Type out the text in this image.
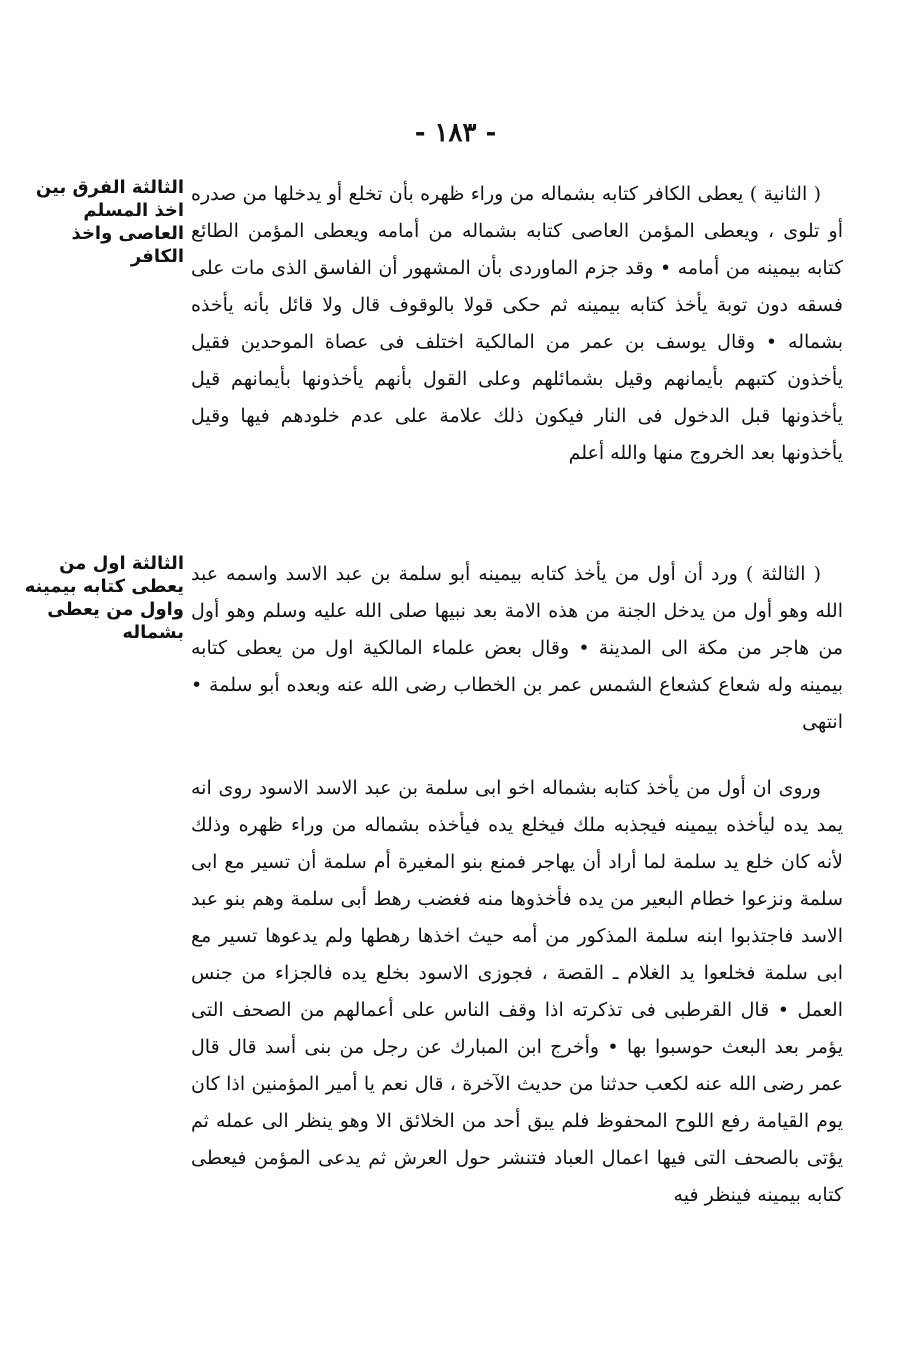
- ١٨٣ -
الثالثة الفرق بين اخذ المسلم العاصى واخذ الكافر

( الثانية ) يعطى الكافر كتابه بشماله من وراء ظهره بأن تخلع أو يدخلها من صدره أو تلوى ، ويعطى المؤمن العاصى كتابه بشماله من أمامه ويعطى المؤمن الطائع كتابه بيمينه من أمامه • وقد جزم الماوردى بأن المشهور أن الفاسق الذى مات على فسقه دون توبة يأخذ كتابه بيمينه ثم حكى قولا بالوقوف قال ولا قائل بأنه يأخذه بشماله • وقال يوسف بن عمر من المالكية اختلف فى عصاة الموحدين فقيل يأخذون كتبهم بأيمانهم وقيل بشمائلهم وعلى القول بأنهم يأخذونها بأيمانهم قيل يأخذونها قبل الدخول فى النار فيكون ذلك علامة على عدم خلودهم فيها وقيل يأخذونها بعد الخروج منها والله أعلم

الثالثة اول من يعطى كتابه بيمينه واول من يعطى بشماله

( الثالثة ) ورد أن أول من يأخذ كتابه بيمينه أبو سلمة بن عبد الاسد واسمه عبد الله وهو أول من يدخل الجنة من هذه الامة بعد نبيها صلى الله عليه وسلم وهو أول من هاجر من مكة الى المدينة • وقال بعض علماء المالكية اول من يعطى كتابه بيمينه وله شعاع كشعاع الشمس عمر بن الخطاب رضى الله عنه وبعده أبو سلمة • انتهى

وروى ان أول من يأخذ كتابه بشماله اخو ابى سلمة بن عبد الاسد الاسود روى انه يمد يده ليأخذه بيمينه فيجذبه ملك فيخلع يده فيأخذه بشماله من وراء ظهره وذلك لأنه كان خلع يد سلمة لما أراد أن يهاجر فمنع بنو المغيرة أم سلمة أن تسير مع ابى سلمة ونزعوا خطام البعير من يده فأخذوها منه فغضب رهط أبى سلمة وهم بنو عبد الاسد فاجتذبوا ابنه سلمة المذكور من أمه حيث اخذها رهطها ولم يدعوها تسير مع ابى سلمة فخلعوا يد الغلام ـ القصة ، فجوزى الاسود بخلع يده فالجزاء من جنس العمل • قال القرطبى فى تذكرته اذا وقف الناس على أعمالهم من الصحف التى يؤمر بعد البعث حوسبوا بها • وأخرج ابن المبارك عن رجل من بنى أسد قال قال عمر رضى الله عنه لكعب حدثنا من حديث الآخرة ، قال نعم يا أمير المؤمنين اذا كان يوم القيامة رفع اللوح المحفوظ فلم يبق أحد من الخلائق الا وهو ينظر الى عمله ثم يؤتى بالصحف التى فيها اعمال العباد فتنشر حول العرش ثم يدعى المؤمن فيعطى كتابه بيمينه فينظر فيه
